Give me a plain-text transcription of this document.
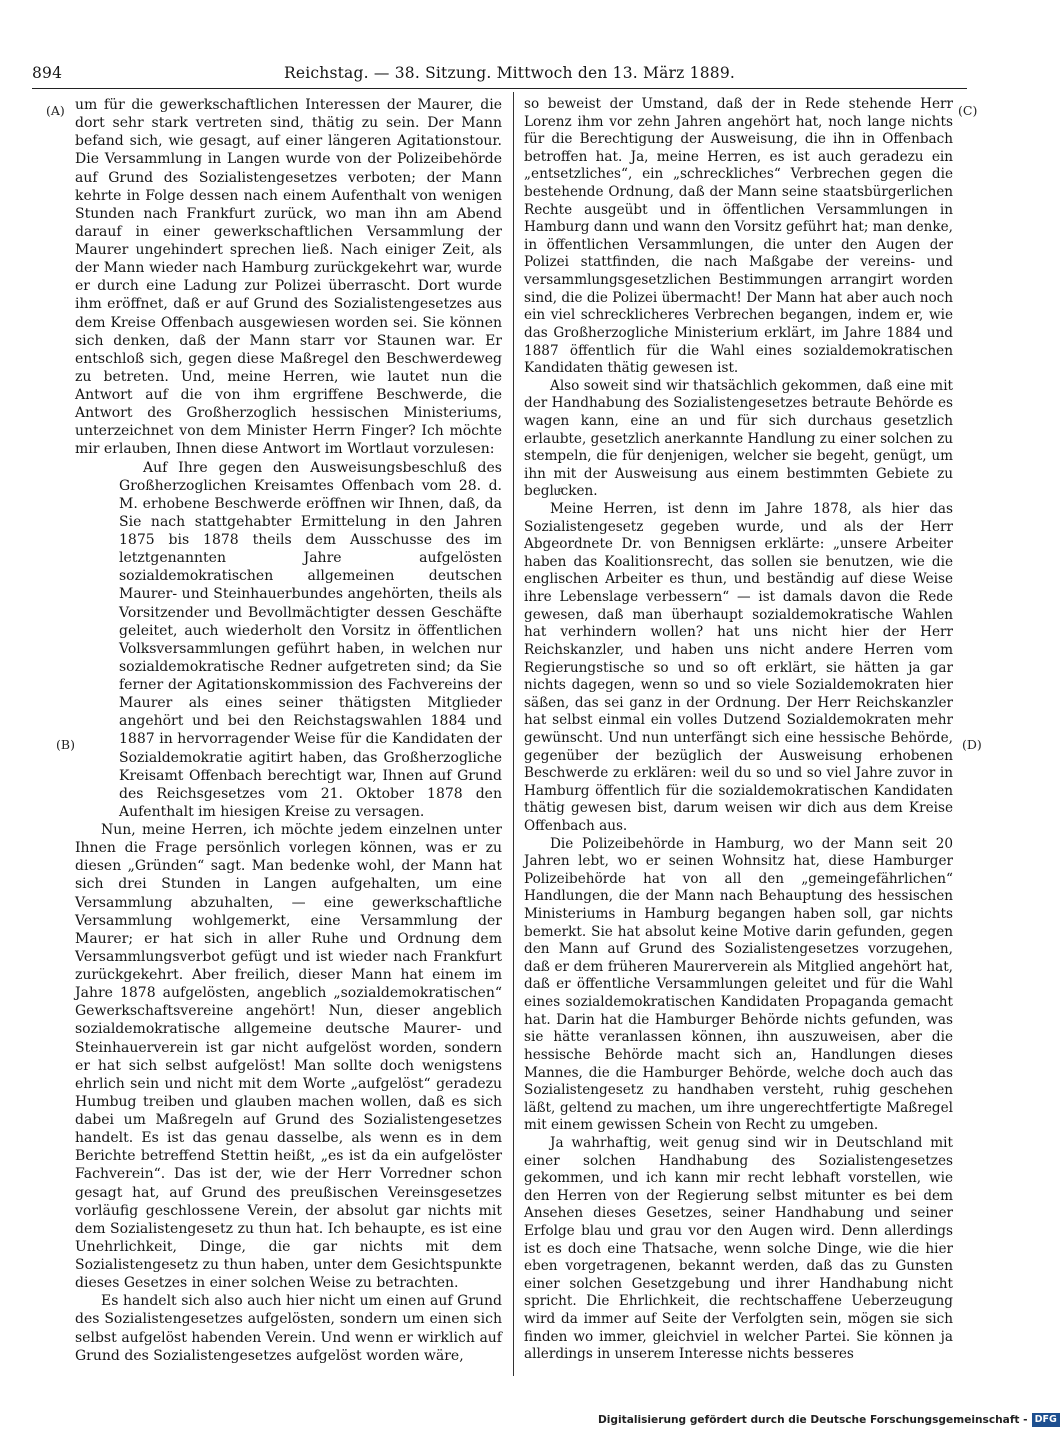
894	Reichstag. — 38. Sitzung. Mittwoch den 13. März 1889.
(A)
(B)
(C)
(D)

um für die gewerkschaftlichen Interessen der Maurer, die dort sehr stark vertreten sind, thätig zu sein. Der Mann befand sich, wie gesagt, auf einer längeren Agitationstour. Die Versammlung in Langen wurde von der Polizeibehörde auf Grund des Sozialistengesetzes verboten; der Mann kehrte in Folge dessen nach einem Aufenthalt von wenigen Stunden nach Frankfurt zurück, wo man ihn am Abend darauf in einer gewerkschaftlichen Versammlung der Maurer ungehindert sprechen ließ. Nach einiger Zeit, als der Mann wieder nach Hamburg zurückgekehrt war, wurde er durch eine Ladung zur Polizei überrascht. Dort wurde ihm eröffnet, daß er auf Grund des Sozialistengesetzes aus dem Kreise Offenbach ausgewiesen worden sei. Sie können sich denken, daß der Mann starr vor Staunen war. Er entschloß sich, gegen diese Maßregel den Beschwerdeweg zu betreten. Und, meine Herren, wie lautet nun die Antwort auf die von ihm ergriffene Beschwerde, die Antwort des Großherzoglich hessischen Ministeriums, unterzeichnet von dem Minister Herrn Finger? Ich möchte mir erlauben, Ihnen diese Antwort im Wortlaut vorzulesen:

Auf Ihre gegen den Ausweisungsbeschluß des Großherzoglichen Kreisamtes Offenbach vom 28. d. M. erhobene Beschwerde eröffnen wir Ihnen, daß, da Sie nach stattgehabter Ermittelung in den Jahren 1875 bis 1878 theils dem Ausschusse des im letztgenannten Jahre aufgelösten sozialdemokratischen allgemeinen deutschen Maurer- und Steinhauerbundes angehörten, theils als Vorsitzender und Bevollmächtigter dessen Geschäfte geleitet, auch wiederholt den Vorsitz in öffentlichen Volksversammlungen geführt haben, in welchen nur sozialdemokratische Redner aufgetreten sind; da Sie ferner der Agitationskommission des Fachvereins der Maurer als eines seiner thätigsten Mitglieder angehört und bei den Reichstagswahlen 1884 und 1887 in hervorragender Weise für die Kandidaten der Sozialdemokratie agitirt haben, das Großherzogliche Kreisamt Offenbach berechtigt war, Ihnen auf Grund des Reichsgesetzes vom 21. Oktober 1878 den Aufenthalt im hiesigen Kreise zu versagen.

Nun, meine Herren, ich möchte jedem einzelnen unter Ihnen die Frage persönlich vorlegen können, was er zu diesen „Gründen“ sagt. Man bedenke wohl, der Mann hat sich drei Stunden in Langen aufgehalten, um eine Versammlung abzuhalten, — eine gewerkschaftliche Versammlung wohlgemerkt, eine Versammlung der Maurer; er hat sich in aller Ruhe und Ordnung dem Versammlungsverbot gefügt und ist wieder nach Frankfurt zurückgekehrt. Aber freilich, dieser Mann hat einem im Jahre 1878 aufgelösten, angeblich „sozialdemokratischen“ Gewerkschaftsvereine angehört! Nun, dieser angeblich sozialdemokratische allgemeine deutsche Maurer- und Steinhauerverein ist gar nicht aufgelöst worden, sondern er hat sich selbst aufgelöst! Man sollte doch wenigstens ehrlich sein und nicht mit dem Worte „aufgelöst“ geradezu Humbug treiben und glauben machen wollen, daß es sich dabei um Maßregeln auf Grund des Sozialistengesetzes handelt. Es ist das genau dasselbe, als wenn es in dem Berichte betreffend Stettin heißt, „es ist da ein aufgelöster Fachverein“. Das ist der, wie der Herr Vorredner schon gesagt hat, auf Grund des preußischen Vereinsgesetzes vorläufig geschlossene Verein, der absolut gar nichts mit dem Sozialistengesetz zu thun hat. Ich behaupte, es ist eine Unehrlichkeit, Dinge, die gar nichts mit dem Sozialistengesetz zu thun haben, unter dem Gesichtspunkte dieses Gesetzes in einer solchen Weise zu betrachten.

Es handelt sich also auch hier nicht um einen auf Grund des Sozialistengesetzes aufgelösten, sondern um einen sich selbst aufgelöst habenden Verein. Und wenn er wirklich auf Grund des Sozialistengesetzes aufgelöst worden wäre,

so beweist der Umstand, daß der in Rede stehende Herr Lorenz ihm vor zehn Jahren angehört hat, noch lange nichts für die Berechtigung der Ausweisung, die ihn in Offenbach betroffen hat. Ja, meine Herren, es ist auch geradezu ein „entsetzliches“, ein „schreckliches“ Verbrechen gegen die bestehende Ordnung, daß der Mann seine staatsbürgerlichen Rechte ausgeübt und in öffentlichen Versammlungen in Hamburg dann und wann den Vorsitz geführt hat; man denke, in öffentlichen Versammlungen, die unter den Augen der Polizei stattfinden, die nach Maßgabe der vereins- und versammlungsgesetzlichen Bestimmungen arrangirt worden sind, die die Polizei übermacht! Der Mann hat aber auch noch ein viel schrecklicheres Verbrechen begangen, indem er, wie das Großherzogliche Ministerium erklärt, im Jahre 1884 und 1887 öffentlich für die Wahl eines sozialdemokratischen Kandidaten thätig gewesen ist.

Also soweit sind wir thatsächlich gekommen, daß eine mit der Handhabung des Sozialistengesetzes betraute Behörde es wagen kann, eine an und für sich durchaus gesetzlich erlaubte, gesetzlich anerkannte Handlung zu einer solchen zu stempeln, die für denjenigen, welcher sie begeht, genügt, um ihn mit der Ausweisung aus einem bestimmten Gebiete zu begluͤcken.

Meine Herren, ist denn im Jahre 1878, als hier das Sozialistengesetz gegeben wurde, und als der Herr Abgeordnete Dr. von Bennigsen erklärte: „unsere Arbeiter haben das Koalitionsrecht, das sollen sie benutzen, wie die englischen Arbeiter es thun, und beständig auf diese Weise ihre Lebenslage verbessern“ — ist damals davon die Rede gewesen, daß man überhaupt sozialdemokratische Wahlen hat verhindern wollen? hat uns nicht hier der Herr Reichskanzler, und haben uns nicht andere Herren vom Regierungstische so und so oft erklärt, sie hätten ja gar nichts dagegen, wenn so und so viele Sozialdemokraten hier säßen, das sei ganz in der Ordnung. Der Herr Reichskanzler hat selbst einmal ein volles Dutzend Sozialdemokraten mehr gewünscht. Und nun unterfängt sich eine hessische Behörde, gegenüber der bezüglich der Ausweisung erhobenen Beschwerde zu erklären: weil du so und so viel Jahre zuvor in Hamburg öffentlich für die sozialdemokratischen Kandidaten thätig gewesen bist, darum weisen wir dich aus dem Kreise Offenbach aus.

Die Polizeibehörde in Hamburg, wo der Mann seit 20 Jahren lebt, wo er seinen Wohnsitz hat, diese Hamburger Polizeibehörde hat von all den „gemeingefährlichen“ Handlungen, die der Mann nach Behauptung des hessischen Ministeriums in Hamburg begangen haben soll, gar nichts bemerkt. Sie hat absolut keine Motive darin gefunden, gegen den Mann auf Grund des Sozialistengesetzes vorzugehen, daß er dem früheren Maurerverein als Mitglied angehört hat, daß er öffentliche Versammlungen geleitet und für die Wahl eines sozialdemokratischen Kandidaten Propaganda gemacht hat. Darin hat die Hamburger Behörde nichts gefunden, was sie hätte veranlassen können, ihn auszuweisen, aber die hessische Behörde macht sich an, Handlungen dieses Mannes, die die Hamburger Behörde, welche doch auch das Sozialistengesetz zu handhaben versteht, ruhig geschehen läßt, geltend zu machen, um ihre ungerechtfertigte Maßregel mit einem gewissen Schein von Recht zu umgeben.

Ja wahrhaftig, weit genug sind wir in Deutschland mit einer solchen Handhabung des Sozialistengesetzes gekommen, und ich kann mir recht lebhaft vorstellen, wie den Herren von der Regierung selbst mitunter es bei dem Ansehen dieses Gesetzes, seiner Handhabung und seiner Erfolge blau und grau vor den Augen wird. Denn allerdings ist es doch eine Thatsache, wenn solche Dinge, wie die hier eben vorgetragenen, bekannt werden, daß das zu Gunsten einer solchen Gesetzgebung und ihrer Handhabung nicht spricht. Die Ehrlichkeit, die rechtschaffene Ueberzeugung wird da immer auf Seite der Verfolgten sein, mögen sie sich finden wo immer, gleichviel in welcher Partei. Sie können ja allerdings in unserem Interesse nichts besseres

Digitalisierung gefördert durch die Deutsche Forschungsgemeinschaft - DFG
